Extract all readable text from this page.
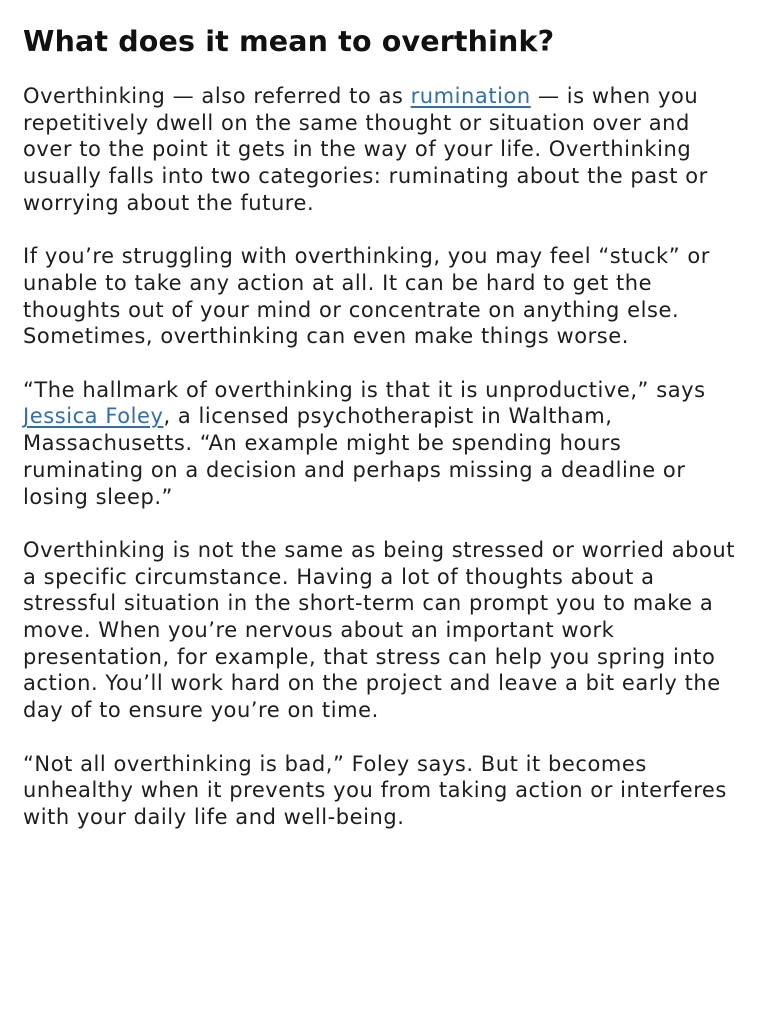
What does it mean to overthink?

Overthinking — also referred to as rumination — is when you repetitively dwell on the same thought or situation over and over to the point it gets in the way of your life. Overthinking usually falls into two categories: ruminating about the past or worrying about the future.

If you’re struggling with overthinking, you may feel “stuck” or unable to take any action at all. It can be hard to get the thoughts out of your mind or concentrate on anything else. Sometimes, overthinking can even make things worse.

“The hallmark of overthinking is that it is unproductive,” says Jessica Foley, a licensed psychotherapist in Waltham, Massachusetts. “An example might be spending hours ruminating on a decision and perhaps missing a deadline or losing sleep.”

Overthinking is not the same as being stressed or worried about a specific circumstance. Having a lot of thoughts about a stressful situation in the short-term can prompt you to make a move. When you’re nervous about an important work presentation, for example, that stress can help you spring into action. You’ll work hard on the project and leave a bit early the day of to ensure you’re on time.

“Not all overthinking is bad,” Foley says. But it becomes unhealthy when it prevents you from taking action or interferes with your daily life and well-being.
